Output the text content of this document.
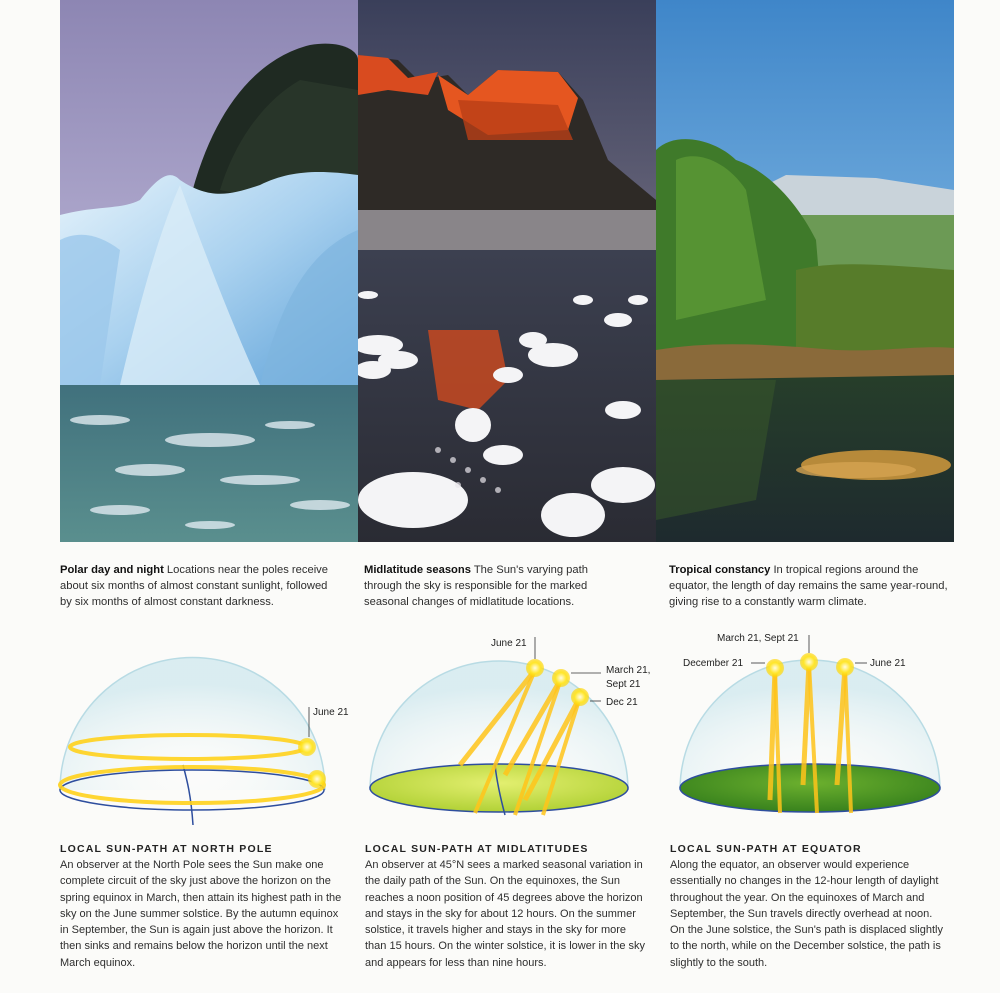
Polar day and night Locations near the poles receive about six months of almost constant sunlight, followed by six months of almost constant darkness.
Midlatitude seasons The Sun's varying path through the sky is responsible for the marked seasonal changes of midlatitude locations.
Tropical constancy In tropical regions around the equator, the length of day remains the same year-round, giving rise to a constantly warm climate.
June 21
June 21
March 21,
Sept 21
Dec 21
March 21, Sept 21
December 21	June 21
LOCAL SUN-PATH AT NORTH POLE
An observer at the North Pole sees the Sun make one complete circuit of the sky just above the horizon on the spring equinox in March, then attain its highest path in the sky on the June summer solstice. By the autumn equinox in September, the Sun is again just above the horizon. It then sinks and remains below the horizon until the next March equinox.
LOCAL SUN-PATH AT MIDLATITUDES
An observer at 45°N sees a marked seasonal variation in the daily path of the Sun. On the equinoxes, the Sun reaches a noon position of 45 degrees above the horizon and stays in the sky for about 12 hours. On the summer solstice, it travels higher and stays in the sky for more than 15 hours. On the winter solstice, it is lower in the sky and appears for less than nine hours.
LOCAL SUN-PATH AT EQUATOR
Along the equator, an observer would experience essentially no changes in the 12-hour length of daylight throughout the year. On the equinoxes of March and September, the Sun travels directly overhead at noon. On the June solstice, the Sun's path is displaced slightly to the north, while on the December solstice, the path is slightly to the south.
